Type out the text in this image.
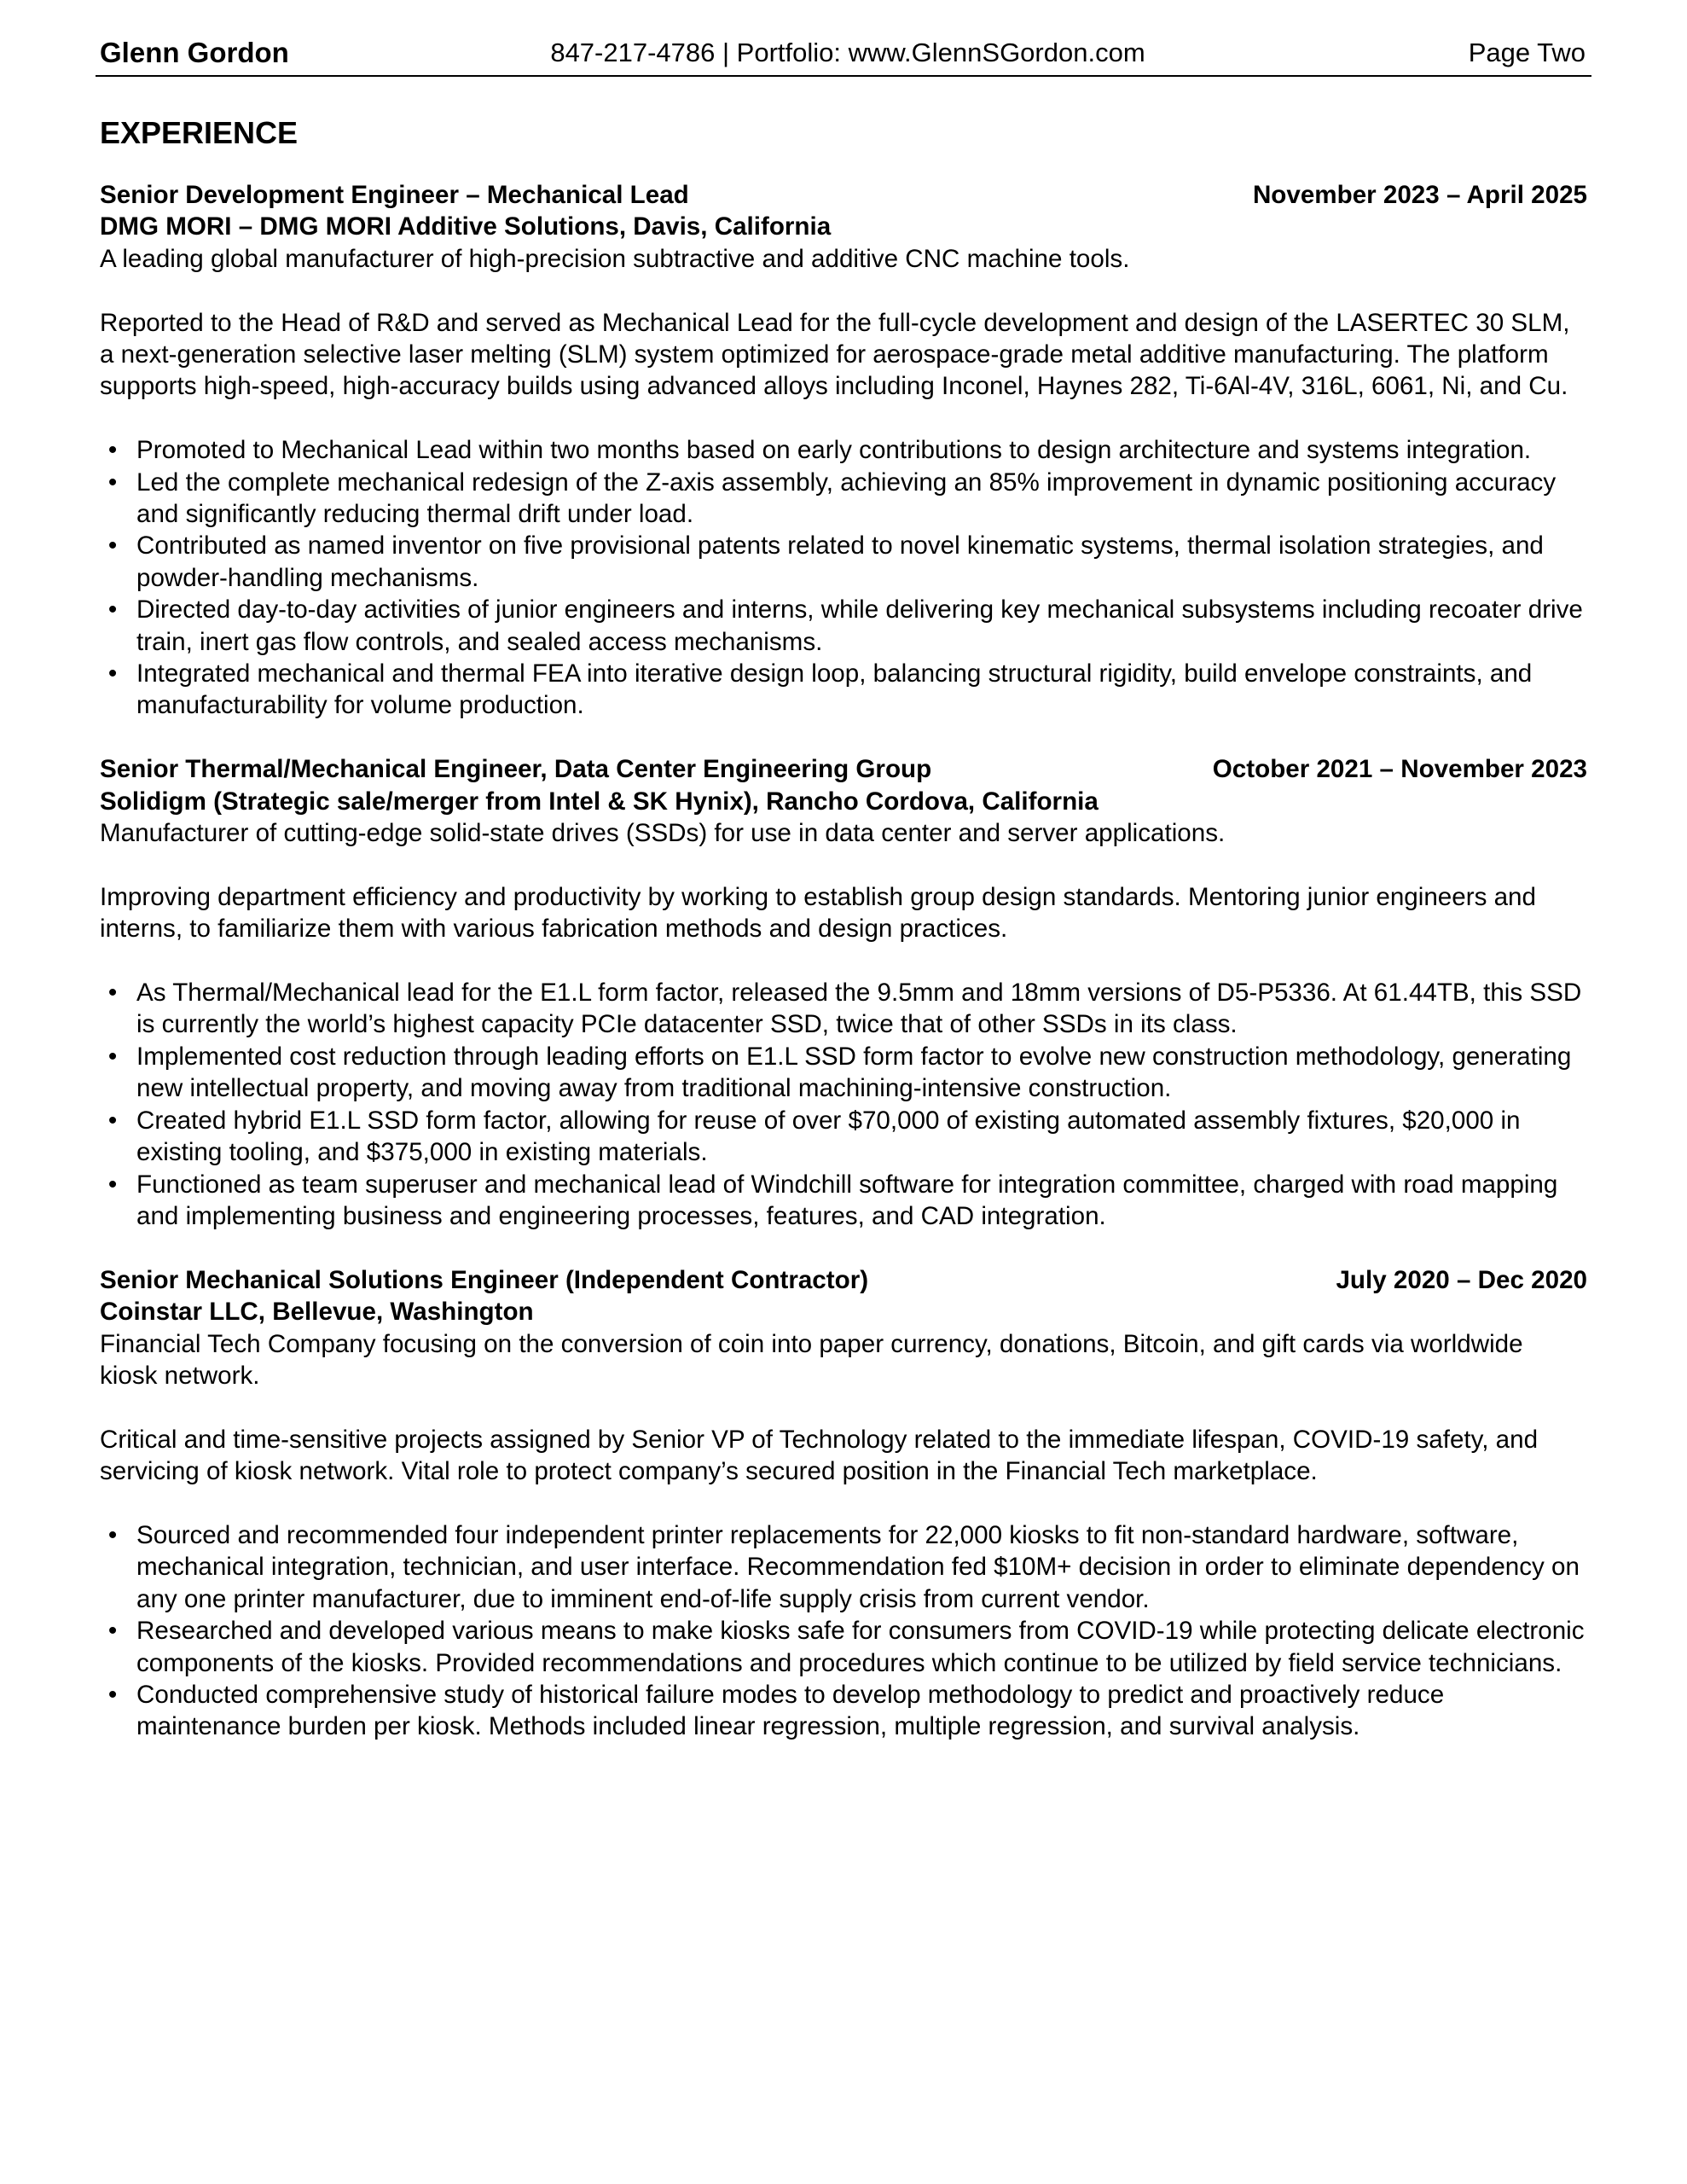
Glenn Gordon	847-217-4786 | Portfolio: www.GlennSGordon.com	Page Two
EXPERIENCE
Senior Development Engineer – Mechanical Lead	November 2023 – April 2025
DMG MORI – DMG MORI Additive Solutions, Davis, California

A leading global manufacturer of high-precision subtractive and additive CNC machine tools.

Reported to the Head of R&D and served as Mechanical Lead for the full-cycle development and design of the LASERTEC 30 SLM, a next-generation selective laser melting (SLM) system optimized for aerospace-grade metal additive manufacturing. The platform supports high-speed, high-accuracy builds using advanced alloys including Inconel, Haynes 282, Ti-6Al-4V, 316L, 6061, Ni, and Cu.

• Promoted to Mechanical Lead within two months based on early contributions to design architecture and systems integration.
• Led the complete mechanical redesign of the Z-axis assembly, achieving an 85% improvement in dynamic positioning accuracy and significantly reducing thermal drift under load.
• Contributed as named inventor on five provisional patents related to novel kinematic systems, thermal isolation strategies, and powder-handling mechanisms.
• Directed day-to-day activities of junior engineers and interns, while delivering key mechanical subsystems including recoater drive train, inert gas flow controls, and sealed access mechanisms.
• Integrated mechanical and thermal FEA into iterative design loop, balancing structural rigidity, build envelope constraints, and manufacturability for volume production.
Senior Thermal/Mechanical Engineer, Data Center Engineering Group	October 2021 – November 2023
Solidigm (Strategic sale/merger from Intel & SK Hynix), Rancho Cordova, California

Manufacturer of cutting-edge solid-state drives (SSDs) for use in data center and server applications.

Improving department efficiency and productivity by working to establish group design standards. Mentoring junior engineers and interns, to familiarize them with various fabrication methods and design practices.

• As Thermal/Mechanical lead for the E1.L form factor, released the 9.5mm and 18mm versions of D5-P5336. At 61.44TB, this SSD is currently the world’s highest capacity PCIe datacenter SSD, twice that of other SSDs in its class.
• Implemented cost reduction through leading efforts on E1.L SSD form factor to evolve new construction methodology, generating new intellectual property, and moving away from traditional machining-intensive construction.
• Created hybrid E1.L SSD form factor, allowing for reuse of over $70,000 of existing automated assembly fixtures, $20,000 in existing tooling, and $375,000 in existing materials.
• Functioned as team superuser and mechanical lead of Windchill software for integration committee, charged with road mapping and implementing business and engineering processes, features, and CAD integration.
Senior Mechanical Solutions Engineer (Independent Contractor)	July 2020 – Dec 2020
Coinstar LLC, Bellevue, Washington

Financial Tech Company focusing on the conversion of coin into paper currency, donations, Bitcoin, and gift cards via worldwide kiosk network.

Critical and time-sensitive projects assigned by Senior VP of Technology related to the immediate lifespan, COVID-19 safety, and servicing of kiosk network. Vital role to protect company’s secured position in the Financial Tech marketplace.

• Sourced and recommended four independent printer replacements for 22,000 kiosks to fit non-standard hardware, software, mechanical integration, technician, and user interface. Recommendation fed $10M+ decision in order to eliminate dependency on any one printer manufacturer, due to imminent end-of-life supply crisis from current vendor.
• Researched and developed various means to make kiosks safe for consumers from COVID-19 while protecting delicate electronic components of the kiosks. Provided recommendations and procedures which continue to be utilized by field service technicians.
• Conducted comprehensive study of historical failure modes to develop methodology to predict and proactively reduce maintenance burden per kiosk. Methods included linear regression, multiple regression, and survival analysis.
